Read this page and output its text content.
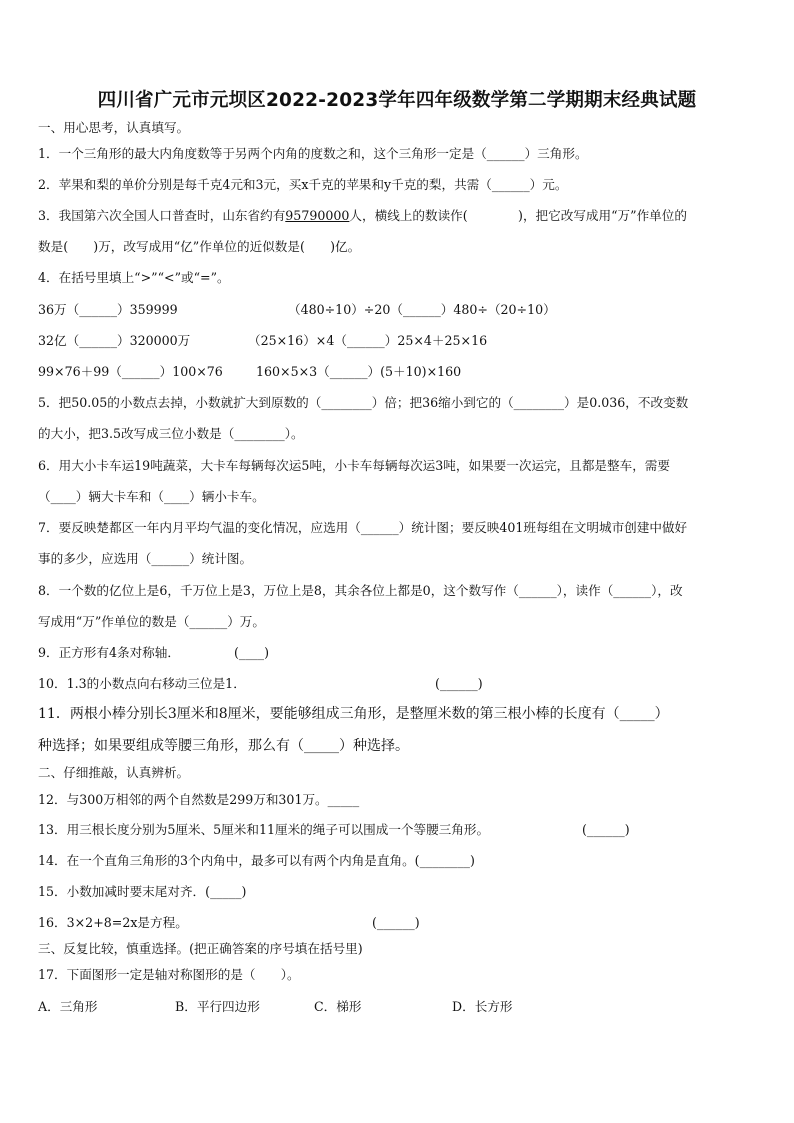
四川省广元市元坝区2022-2023学年四年级数学第二学期期末经典试题
一、用心思考，认真填写。
1．一个三角形的最大内角度数等于另两个内角的度数之和，这个三角形一定是（______）三角形。
2．苹果和梨的单价分别是每千克4元和3元，买x千克的苹果和y千克的梨，共需（______）元。
3．我国第六次全国人口普查时，山东省约有95790000人，横线上的数读作(　　　　)，把它改写成用“万”作单位的
数是(　　)万，改写成用“亿”作单位的近似数是(　　)亿。
4．在括号里填上“>”“<”或“=”。
36万（______）359999	（480÷10）÷20（______）480÷（20÷10）
32亿（______）320000万	（25×16）×4（______）25×4＋25×16
99×76＋99（______）100×76	160×5×3（______）(5＋10)×160
5．把50.05的小数点去掉，小数就扩大到原数的（________）倍；把36缩小到它的（________）是0.036，不改变数
的大小，把3.5改写成三位小数是（________）。
6．用大小卡车运19吨蔬菜，大卡车每辆每次运5吨，小卡车每辆每次运3吨，如果要一次运完，且都是整车，需要
（____）辆大卡车和（____）辆小卡车。
7．要反映楚都区一年内月平均气温的变化情况，应选用（______）统计图；要反映401班每组在文明城市创建中做好
事的多少，应选用（______）统计图。
8．一个数的亿位上是6，千万位上是3，万位上是8，其余各位上都是0，这个数写作（______），读作（______），改
写成用“万”作单位的数是（______）万。
9．正方形有4条对称轴．	(____)
10．1.3的小数点向右移动三位是1．	(______)
11．两根小棒分别长3厘米和8厘米，要能够组成三角形，是整厘米数的第三根小棒的长度有（_____）
种选择；如果要组成等腰三角形，那么有（_____）种选择。
二、仔细推敲，认真辨析。
12．与300万相邻的两个自然数是299万和301万。_____
13．用三根长度分别为5厘米、5厘米和11厘米的绳子可以围成一个等腰三角形。	(______)
14．在一个直角三角形的3个内角中，最多可以有两个内角是直角。(________)
15．小数加减时要末尾对齐．(_____)
16．3×2+8=2x是方程。	(______)
三、反复比较，慎重选择。(把正确答案的序号填在括号里)
17．下面图形一定是轴对称图形的是（　　）。
A．三角形	B．平行四边形	C．梯形	D．长方形
